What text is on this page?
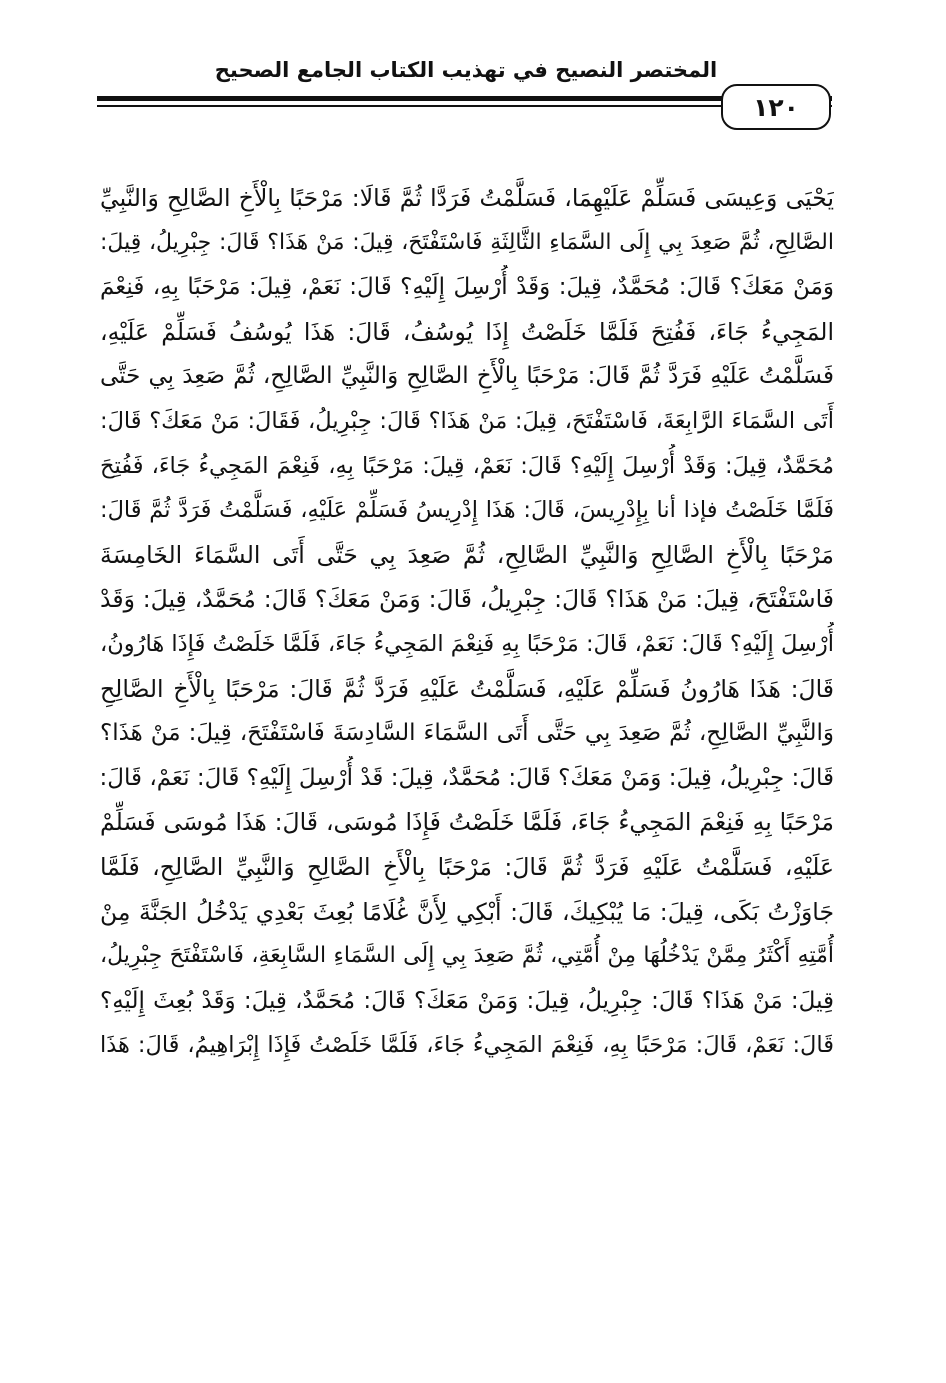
المختصر النصيح في تهذيب الكتاب الجامع الصحيح
١٢٠
يَحْيَى وَعِيسَى فَسَلِّمْ عَلَيْهِمَا، فَسَلَّمْتُ فَرَدَّا ثُمَّ قَالَا: مَرْحَبًا بِالْأَخِ الصَّالِحِ وَالنَّبِيِّ
الصَّالِحِ، ثُمَّ صَعِدَ بِي إِلَى السَّمَاءِ الثَّالِثَةِ فَاسْتَفْتَحَ، قِيلَ: مَنْ هَذَا؟ قَالَ: جِبْرِيلُ، قِيلَ:
وَمَنْ مَعَكَ؟ قَالَ: مُحَمَّدٌ، قِيلَ: وَقَدْ أُرْسِلَ إِلَيْهِ؟ قَالَ: نَعَمْ، قِيلَ: مَرْحَبًا بِهِ، فَنِعْمَ
المَجِيءُ جَاءَ، فَفُتِحَ فَلَمَّا خَلَصْتُ إِذَا يُوسُفُ، قَالَ: هَذَا يُوسُفُ فَسَلِّمْ عَلَيْهِ،
فَسَلَّمْتُ عَلَيْهِ فَرَدَّ ثُمَّ قَالَ: مَرْحَبًا بِالْأَخِ الصَّالِحِ وَالنَّبِيِّ الصَّالِحِ، ثُمَّ صَعِدَ بِي حَتَّى
أَتَى السَّمَاءَ الرَّابِعَةَ، فَاسْتَفْتَحَ، قِيلَ: مَنْ هَذَا؟ قَالَ: جِبْرِيلُ، فَقَالَ: مَنْ مَعَكَ؟ قَالَ:
مُحَمَّدٌ، قِيلَ: وَقَدْ أُرْسِلَ إِلَيْهِ؟ قَالَ: نَعَمْ، قِيلَ: مَرْحَبًا بِهِ، فَنِعْمَ المَجِيءُ جَاءَ، فَفُتِحَ
فَلَمَّا خَلَصْتُ فإذا أنا بِإِدْرِيسَ، قَالَ: هَذَا إِدْرِيسُ فَسَلِّمْ عَلَيْهِ، فَسَلَّمْتُ فَرَدَّ ثُمَّ قَالَ:
مَرْحَبًا بِالْأَخِ الصَّالِحِ وَالنَّبِيِّ الصَّالِحِ، ثُمَّ صَعِدَ بِي حَتَّى أَتَى السَّمَاءَ الخَامِسَةَ
فَاسْتَفْتَحَ، قِيلَ: مَنْ هَذَا؟ قَالَ: جِبْرِيلُ، قَالَ: وَمَنْ مَعَكَ؟ قَالَ: مُحَمَّدٌ، قِيلَ: وَقَدْ
أُرْسِلَ إِلَيْهِ؟ قَالَ: نَعَمْ، قَالَ: مَرْحَبًا بِهِ فَنِعْمَ المَجِيءُ جَاءَ، فَلَمَّا خَلَصْتُ فَإِذَا هَارُونُ،
قَالَ: هَذَا هَارُونُ فَسَلِّمْ عَلَيْهِ، فَسَلَّمْتُ عَلَيْهِ فَرَدَّ ثُمَّ قَالَ: مَرْحَبًا بِالْأَخِ الصَّالِحِ
وَالنَّبِيِّ الصَّالِحِ، ثُمَّ صَعِدَ بِي حَتَّى أَتَى السَّمَاءَ السَّادِسَةَ فَاسْتَفْتَحَ، قِيلَ: مَنْ هَذَا؟
قَالَ: جِبْرِيلُ، قِيلَ: وَمَنْ مَعَكَ؟ قَالَ: مُحَمَّدٌ، قِيلَ: قَدْ أُرْسِلَ إِلَيْهِ؟ قَالَ: نَعَمْ، قَالَ:
مَرْحَبًا بِهِ فَنِعْمَ المَجِيءُ جَاءَ، فَلَمَّا خَلَصْتُ فَإِذَا مُوسَى، قَالَ: هَذَا مُوسَى فَسَلِّمْ
عَلَيْهِ، فَسَلَّمْتُ عَلَيْهِ فَرَدَّ ثُمَّ قَالَ: مَرْحَبًا بِالْأَخِ الصَّالِحِ وَالنَّبِيِّ الصَّالِحِ، فَلَمَّا
جَاوَزْتُ بَكَى، قِيلَ: مَا يُبْكِيكَ، قَالَ: أَبْكِي لِأَنَّ غُلَامًا بُعِثَ بَعْدِي يَدْخُلُ الجَنَّةَ مِنْ
أُمَّتِهِ أَكْثَرُ مِمَّنْ يَدْخُلُهَا مِنْ أُمَّتِي، ثُمَّ صَعِدَ بِي إِلَى السَّمَاءِ السَّابِعَةِ، فَاسْتَفْتَحَ جِبْرِيلُ،
قِيلَ: مَنْ هَذَا؟ قَالَ: جِبْرِيلُ، قِيلَ: وَمَنْ مَعَكَ؟ قَالَ: مُحَمَّدٌ، قِيلَ: وَقَدْ بُعِثَ إِلَيْهِ؟
قَالَ: نَعَمْ، قَالَ: مَرْحَبًا بِهِ، فَنِعْمَ المَجِيءُ جَاءَ، فَلَمَّا خَلَصْتُ فَإِذَا إِبْرَاهِيمُ، قَالَ: هَذَا
